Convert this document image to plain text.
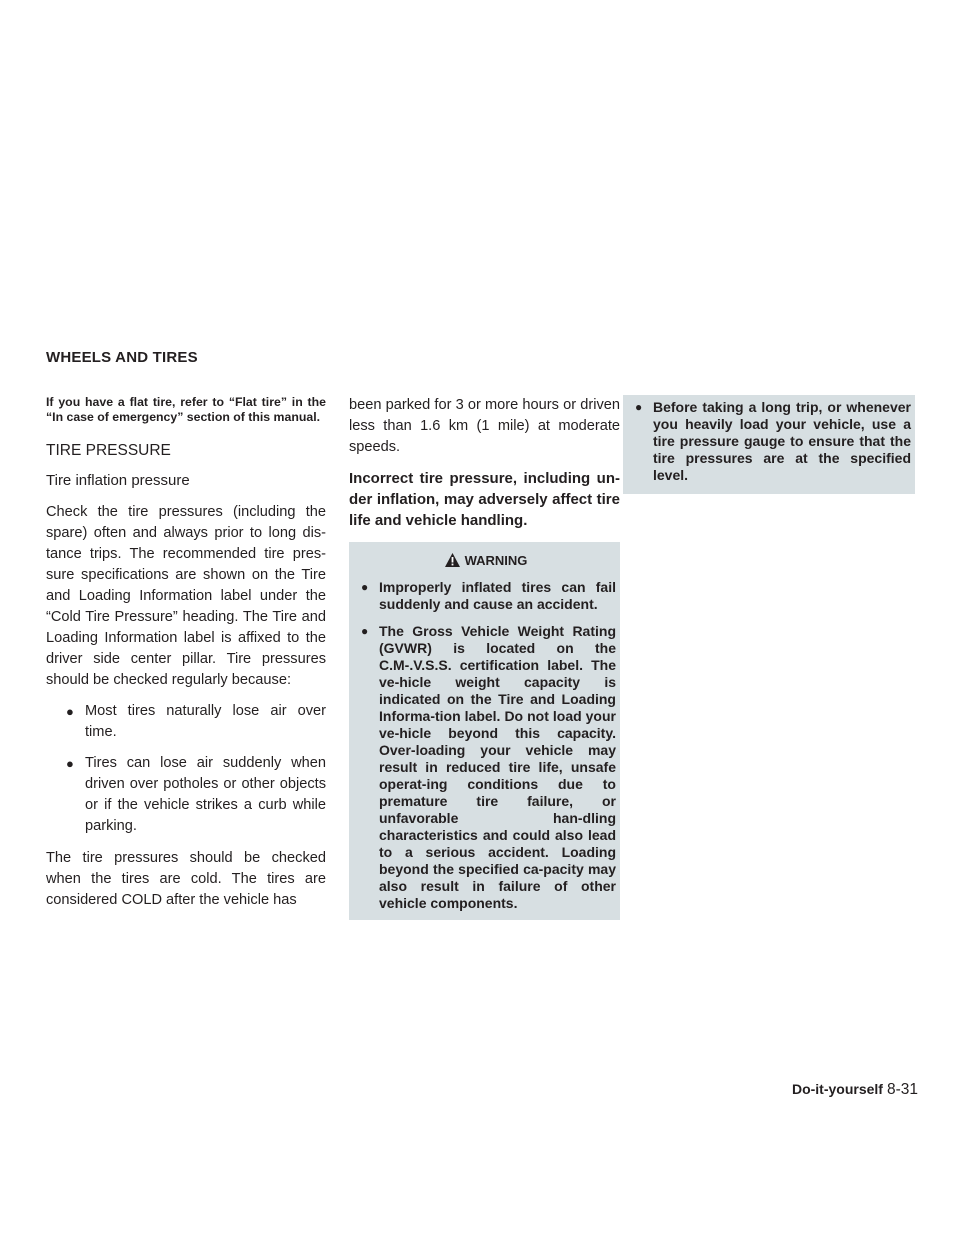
WHEELS AND TIRES

If you have a flat tire, refer to “Flat tire” in the “In case of emergency” section of this manual.

TIRE PRESSURE
Tire inflation pressure

Check the tire pressures (including the spare) often and always prior to long dis-tance trips. The recommended tire pres-sure specifications are shown on the Tire and Loading Information label under the “Cold Tire Pressure” heading. The Tire and Loading Information label is affixed to the driver side center pillar. Tire pressures should be checked regularly because:

● Most tires naturally lose air over time.
● Tires can lose air suddenly when driven over potholes or other objects or if the vehicle strikes a curb while parking.

The tire pressures should be checked when the tires are cold. The tires are considered COLD after the vehicle has

been parked for 3 or more hours or driven less than 1.6 km (1 mile) at moderate speeds.

Incorrect tire pressure, including un-der inflation, may adversely affect tire life and vehicle handling.

WARNING
● Improperly inflated tires can fail suddenly and cause an accident.
● The Gross Vehicle Weight Rating (GVWR) is located on the C.M-.V.S.S. certification label. The ve-hicle weight capacity is indicated on the Tire and Loading Informa-tion label. Do not load your ve-hicle beyond this capacity. Over-loading your vehicle may result in reduced tire life, unsafe operat-ing conditions due to premature tire failure, or unfavorable han-dling characteristics and could also lead to a serious accident. Loading beyond the specified ca-pacity may also result in failure of other vehicle components.
● Before taking a long trip, or whenever you heavily load your vehicle, use a tire pressure gauge to ensure that the tire pressures are at the specified level.
Do-it-yourself 8-31
